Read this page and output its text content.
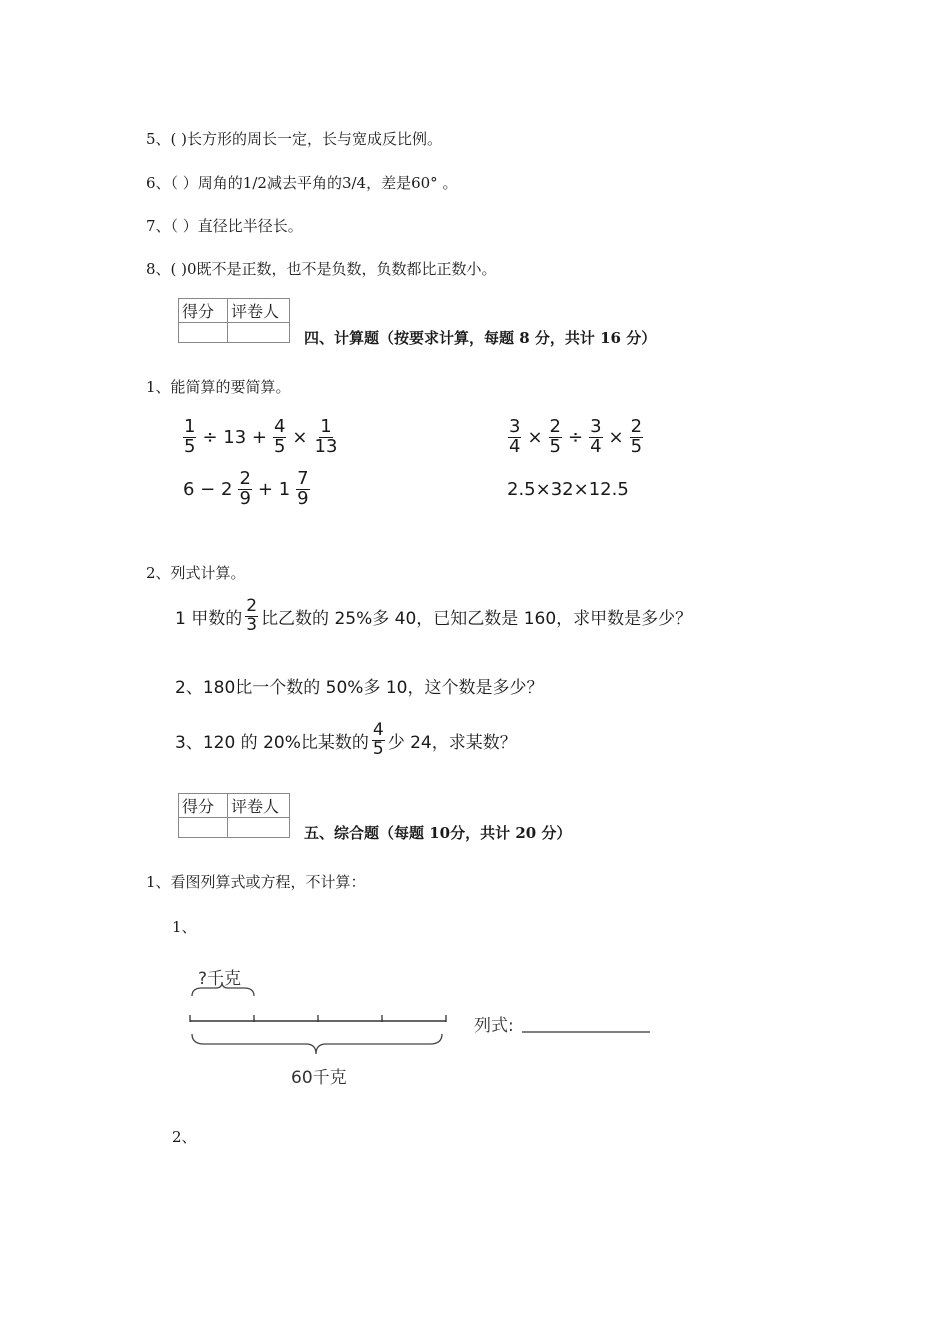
5、( )长方形的周长一定，长与宽成反比例。
6、（ ）周角的1/2减去平角的3/4，差是60° 。
7、（ ）直径比半径长。
8、( )0既不是正数，也不是负数，负数都比正数小。
得分	评卷人

四、计算题（按要求计算，每题 8 分，共计 16 分）
1、能简算的要简算。
$\frac{1}{5} \div 13 + \frac{4}{5} \times \frac{1}{13}$	$\frac{3}{4} \times \frac{2}{5} \div \frac{3}{4} \times \frac{2}{5}$
$6 - 2 \frac{2}{9} + 1 \frac{7}{9}$	2.5×32×12.5
2、列式计算。
1 甲数的 $\frac{2}{3}$ 比乙数的 25%多 40，已知乙数是 160，求甲数是多少？
2、180比一个数的 50%多 10，这个数是多少？
3、120 的 20%比某数的 $\frac{4}{5}$ 少 24，求某数？
得分	评卷人

五、综合题（每题 10分，共计 20 分）
1、看图列算式或方程，不计算：
1、
?千克
60千克
列式:
2、
